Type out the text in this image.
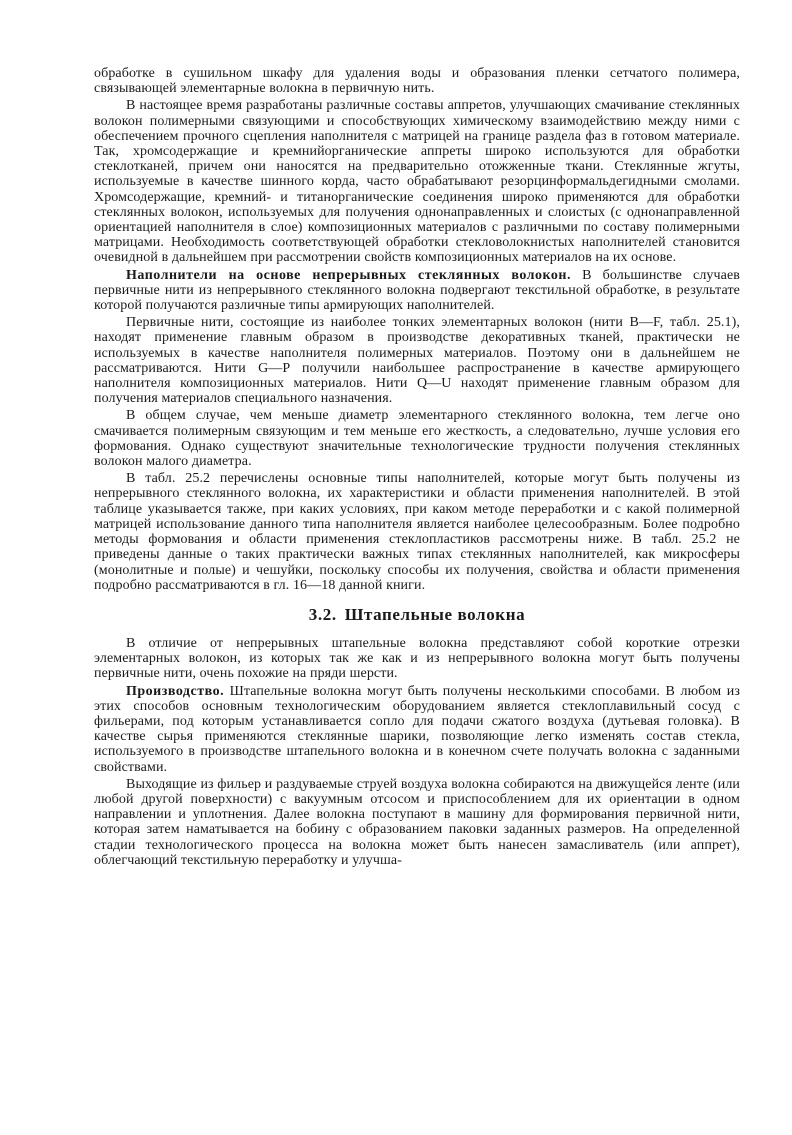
обработке в сушильном шкафу для удаления воды и образования пленки сетчатого полимера, связывающей элементарные волокна в первичную нить.

В настоящее время разработаны различные составы аппретов, улучшающих смачивание стеклянных волокон полимерными связующими и способствующих химическому взаимодействию между ними с обеспечением прочного сцепления наполнителя с матрицей на границе раздела фаз в готовом материале. Так, хромсодержащие и кремнийорганические аппреты широко используются для обработки стеклотканей, причем они наносятся на предварительно отожженные ткани. Стеклянные жгуты, используемые в качестве шинного корда, часто обрабатывают резорцинформальдегидными смолами. Хромсодержащие, кремний- и титанорганические соединения широко применяются для обработки стеклянных волокон, используемых для получения однонаправленных и слоистых (с однонаправленной ориентацией наполнителя в слое) композиционных материалов с различными по составу полимерными матрицами. Необходимость соответствующей обработки стекловолокнистых наполнителей становится очевидной в дальнейшем при рассмотрении свойств композиционных материалов на их основе.

Наполнители на основе непрерывных стеклянных волокон. В большинстве случаев первичные нити из непрерывного стеклянного волокна подвергают текстильной обработке, в результате которой получаются различные типы армирующих наполнителей.

Первичные нити, состоящие из наиболее тонких элементарных волокон (нити B—F, табл. 25.1), находят применение главным образом в производстве декоративных тканей, практически не используемых в качестве наполнителя полимерных материалов. Поэтому они в дальнейшем не рассматриваются. Нити G—P получили наибольшее распространение в качестве армирующего наполнителя композиционных материалов. Нити Q—U находят применение главным образом для получения материалов специального назначения.

В общем случае, чем меньше диаметр элементарного стеклянного волокна, тем легче оно смачивается полимерным связующим и тем меньше его жесткость, а следовательно, лучше условия его формования. Однако существуют значительные технологические трудности получения стеклянных волокон малого диаметра.

В табл. 25.2 перечислены основные типы наполнителей, которые могут быть получены из непрерывного стеклянного волокна, их характеристики и области применения наполнителей. В этой таблице указывается также, при каких условиях, при каком методе переработки и с какой полимерной матрицей использование данного типа наполнителя является наиболее целесообразным. Более подробно методы формования и области применения стеклопластиков рассмотрены ниже. В табл. 25.2 не приведены данные о таких практически важных типах стеклянных наполнителей, как микросферы (монолитные и полые) и чешуйки, поскольку способы их получения, свойства и области применения подробно рассматриваются в гл. 16—18 данной книги.

3.2. Штапельные волокна

В отличие от непрерывных штапельные волокна представляют собой короткие отрезки элементарных волокон, из которых так же как и из непрерывного волокна могут быть получены первичные нити, очень похожие на пряди шерсти.

Производство. Штапельные волокна могут быть получены несколькими способами. В любом из этих способов основным технологическим оборудованием является стеклоплавильный сосуд с фильерами, под которым устанавливается сопло для подачи сжатого воздуха (дутьевая головка). В качестве сырья применяются стеклянные шарики, позволяющие легко изменять состав стекла, используемого в производстве штапельного волокна и в конечном счете получать волокна с заданными свойствами.

Выходящие из фильер и раздуваемые струей воздуха волокна собираются на движущейся ленте (или любой другой поверхности) с вакуумным отсосом и приспособлением для их ориентации в одном направлении и уплотнения. Далее волокна поступают в машину для формирования первичной нити, которая затем наматывается на бобину с образованием паковки заданных размеров. На определенной стадии технологического процесса на волокна может быть нанесен замасливатель (или аппрет), облегчающий текстильную переработку и улучша-
